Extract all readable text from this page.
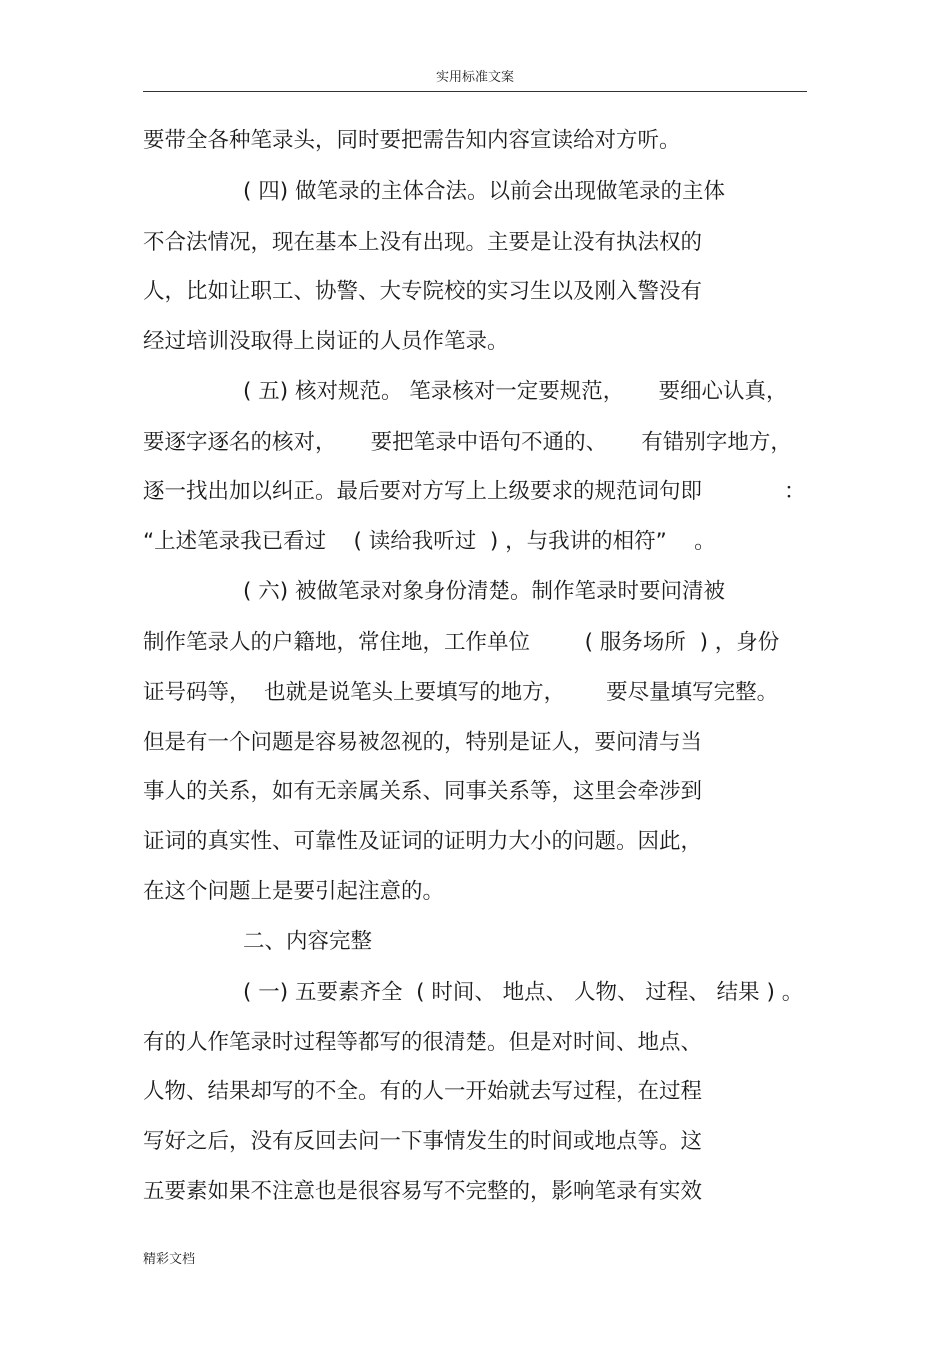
实用标准文案
要带全各种笔录头，同时要把需告知内容宣读给对方听。
( 四) 做笔录的主体合法。以前会出现做笔录的主体
不合法情况，现在基本上没有出现。主要是让没有执法权的
人，比如让职工、协警、大专院校的实习生以及刚入警没有
经过培训没取得上岗证的人员作笔录。
( 五) 核对规范。 笔录核对一定要规范，     要细心认真，
要逐字逐名的核对，     要把笔录中语句不通的、     有错别字地方，
逐一找出加以纠正。最后要对方写上上级要求的规范词句即            ：
“上述笔录我已看过    ( 读给我听过  ) ，与我讲的相符”    。
( 六) 被做笔录对象身份清楚。制作笔录时要问清被
制作笔录人的户籍地，常住地，工作单位        ( 服务场所  ) ，身份
证号码等，  也就是说笔头上要填写的地方，      要尽量填写完整。
但是有一个问题是容易被忽视的，特别是证人，要问清与当
事人的关系，如有无亲属关系、同事关系等，这里会牵涉到
证词的真实性、可靠性及证词的证明力大小的问题。因此，
在这个问题上是要引起注意的。
二、内容完整
( 一) 五要素齐全  ( 时间、 地点、 人物、 过程、 结果 ) 。
有的人作笔录时过程等都写的很清楚。但是对时间、地点、
人物、结果却写的不全。有的人一开始就去写过程，在过程
写好之后，没有反回去问一下事情发生的时间或地点等。这
五要素如果不注意也是很容易写不完整的，影响笔录有实效
精彩文档
